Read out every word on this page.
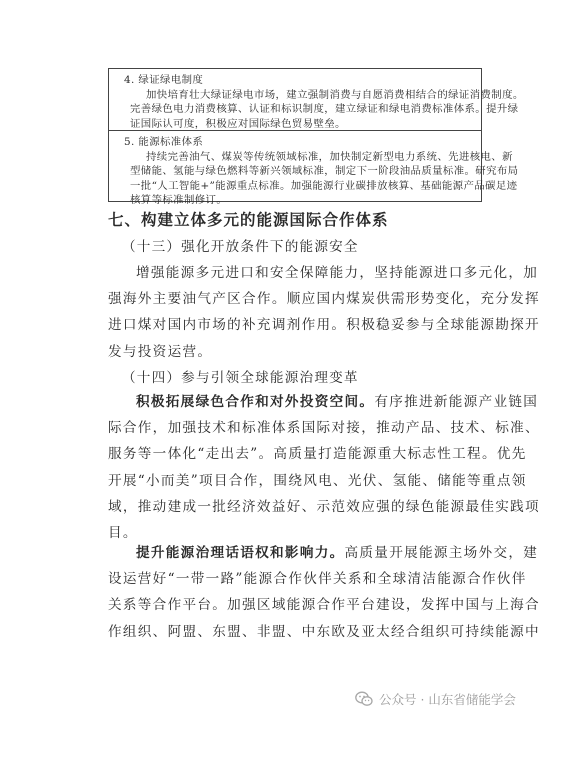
4. 绿证绿电制度
加快培育壮大绿证绿电市场，建立强制消费与自愿消费相结合的绿证消费制度。
完善绿色电力消费核算、认证和标识制度，建立绿证和绿电消费标准体系。提升绿
证国际认可度，积极应对国际绿色贸易壁垒。
5. 能源标准体系
持续完善油气、煤炭等传统领域标准，加快制定新型电力系统、先进核电、新
型储能、氢能与绿色燃料等新兴领域标准，制定下一阶段油品质量标准。研究布局
一批“人工智能+”能源重点标准。加强能源行业碳排放核算、基础能源产品碳足迹
核算等标准制修订。
七、构建立体多元的能源国际合作体系
（十三）强化开放条件下的能源安全
增强能源多元进口和安全保障能力，坚持能源进口多元化，加
强海外主要油气产区合作。顺应国内煤炭供需形势变化，充分发挥
进口煤对国内市场的补充调剂作用。积极稳妥参与全球能源勘探开
发与投资运营。
（十四）参与引领全球能源治理变革
积极拓展绿色合作和对外投资空间。有序推进新能源产业链国
际合作，加强技术和标准体系国际对接，推动产品、技术、标准、
服务等一体化“走出去”。高质量打造能源重大标志性工程。优先
开展“小而美”项目合作，围绕风电、光伏、氢能、储能等重点领
域，推动建成一批经济效益好、示范效应强的绿色能源最佳实践项
目。
提升能源治理话语权和影响力。高质量开展能源主场外交，建
设运营好“一带一路”能源合作伙伴关系和全球清洁能源合作伙伴
关系等合作平台。加强区域能源合作平台建设，发挥中国与上海合
作组织、阿盟、东盟、非盟、中东欧及亚太经合组织可持续能源中
公众号 · 山东省储能学会
